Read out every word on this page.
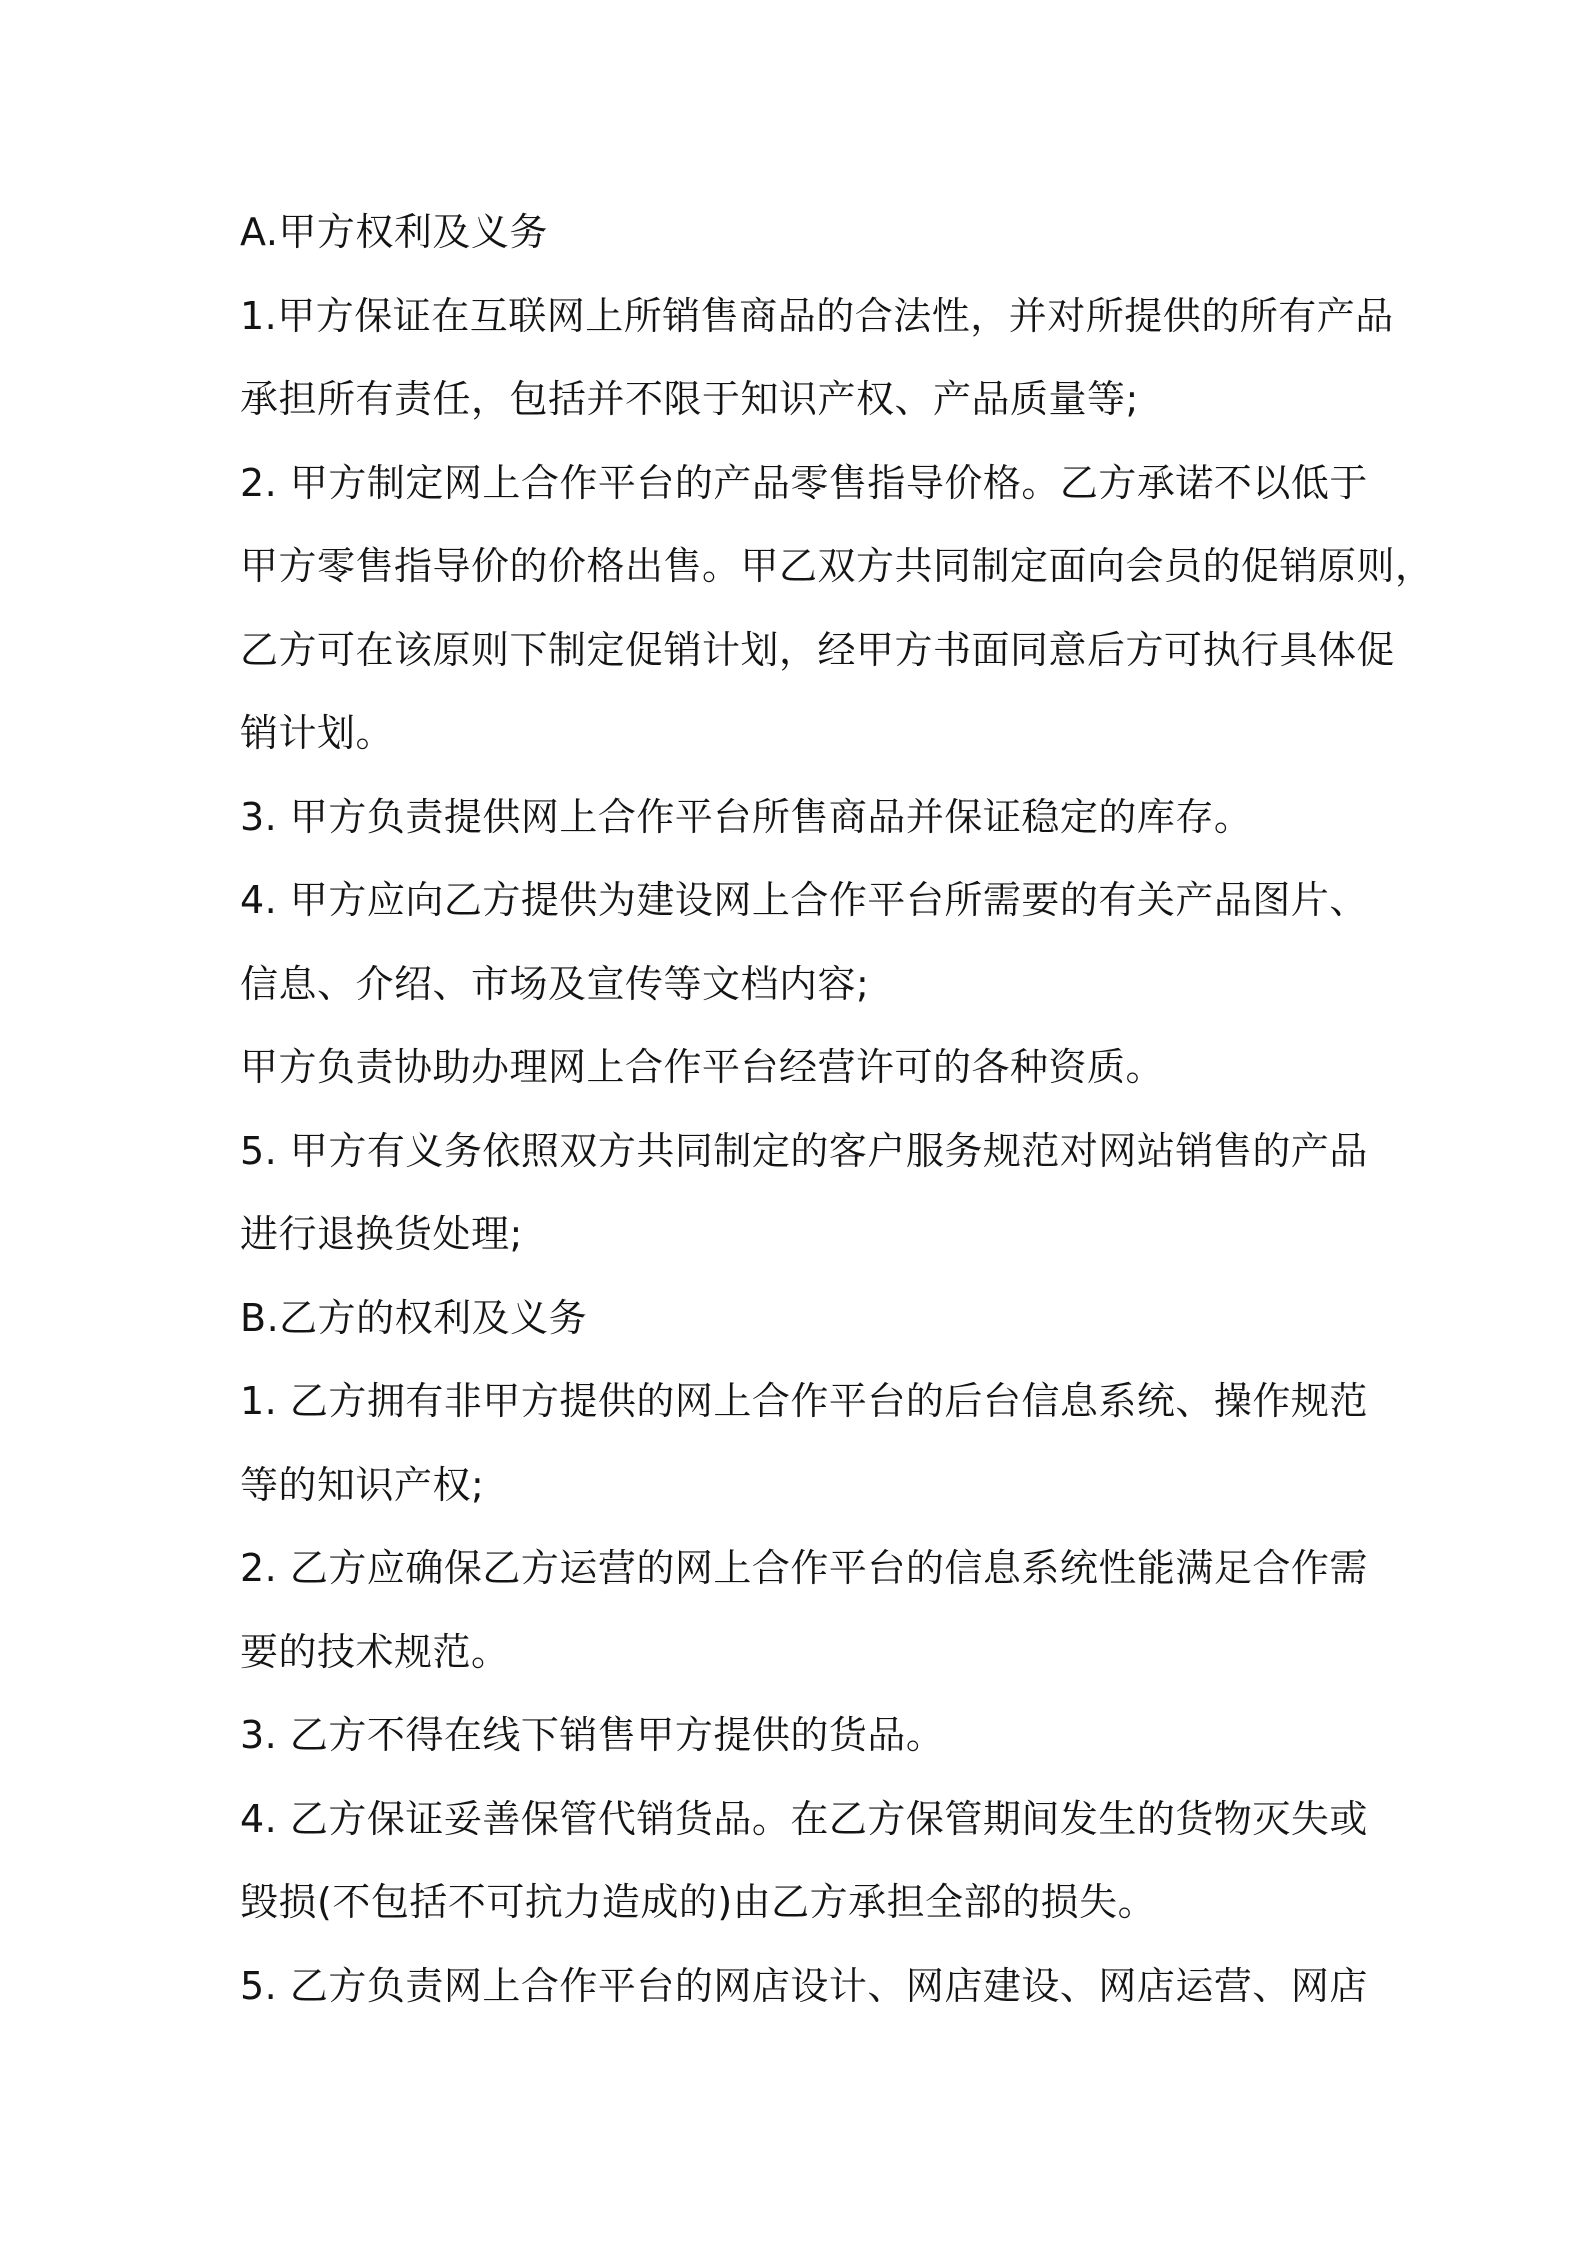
A.甲方权利及义务
1.甲方保证在互联网上所销售商品的合法性，并对所提供的所有产品
承担所有责任，包括并不限于知识产权、产品质量等;
2. 甲方制定网上合作平台的产品零售指导价格。乙方承诺不以低于
甲方零售指导价的价格出售。甲乙双方共同制定面向会员的促销原则，
乙方可在该原则下制定促销计划，经甲方书面同意后方可执行具体促
销计划。
3. 甲方负责提供网上合作平台所售商品并保证稳定的库存。
4. 甲方应向乙方提供为建设网上合作平台所需要的有关产品图片、
信息、介绍、市场及宣传等文档内容;
甲方负责协助办理网上合作平台经营许可的各种资质。
5. 甲方有义务依照双方共同制定的客户服务规范对网站销售的产品
进行退换货处理;
B.乙方的权利及义务
1. 乙方拥有非甲方提供的网上合作平台的后台信息系统、操作规范
等的知识产权;
2. 乙方应确保乙方运营的网上合作平台的信息系统性能满足合作需
要的技术规范。
3. 乙方不得在线下销售甲方提供的货品。
4. 乙方保证妥善保管代销货品。在乙方保管期间发生的货物灭失或
毁损(不包括不可抗力造成的)由乙方承担全部的损失。
5. 乙方负责网上合作平台的网店设计、网店建设、网店运营、网店
